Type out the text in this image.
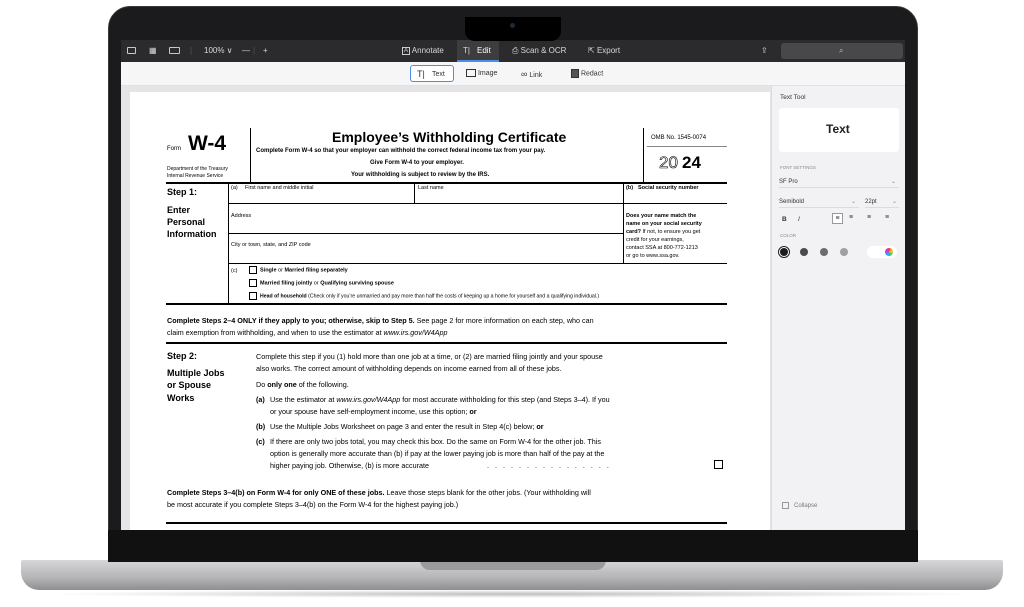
▦	| 100% ∨ — | +	A Annotate T| Edit	⎙ Scan & OCR	⇱ Export	⇪	⌕
T| Text	Image	∞ Link	Redact
Form W-4
Department of the Treasury
Internal Revenue Service
Employee’s Withholding Certificate
Complete Form W-4 so that your employer can withhold the correct federal income tax from your pay.
Give Form W-4 to your employer.
Your withholding is subject to review by the IRS.
OMB No. 1545-0074
20 24
Step 1:
Enter
Personal
Information
(a) First name and middle initial	Last name	(b) Social security number
Address
City or town, state, and ZIP code
Does your name match the
name on your social security
card? If not, to ensure you get
credit for your earnings,
contact SSA at 800-772-1213
or go to www.ssa.gov.
(c)	Single or Married filing separately
Married filing jointly or Qualifying surviving spouse
Head of household (Check only if you’re unmarried and pay more than half the costs of keeping up a home for yourself and a qualifying individual.)
Complete Steps 2–4 ONLY if they apply to you; otherwise, skip to Step 5. See page 2 for more information on each step, who can
claim exemption from withholding, and when to use the estimator at www.irs.gov/W4App
Step 2:
Multiple Jobs
or Spouse
Works
Complete this step if you (1) hold more than one job at a time, or (2) are married filing jointly and your spouse
also works. The correct amount of withholding depends on income earned from all of these jobs.
Do only one of the following.
(a) Use the estimator at www.irs.gov/W4App for most accurate withholding for this step (and Steps 3–4). If you
or your spouse have self-employment income, use this option; or
(b) Use the Multiple Jobs Worksheet on page 3 and enter the result in Step 4(c) below; or
(c) If there are only two jobs total, you may check this box. Do the same on Form W-4 for the other job. This
option is generally more accurate than (b) if pay at the lower paying job is more than half of the pay at the
higher paying job. Otherwise, (b) is more accurate	. . . . . . . . . . . . . . . .
Complete Steps 3–4(b) on Form W-4 for only ONE of these jobs. Leave those steps blank for the other jobs. (Your withholding will
be most accurate if you complete Steps 3–4(b) on the Form W-4 for the highest paying job.)
Text Tool
Text
FONT SETTINGS
SF Pro	⌄
Semibold	⌄ 22pt	⌄
B I	≡	≡ ≡ ≡
COLOR
Collapse
